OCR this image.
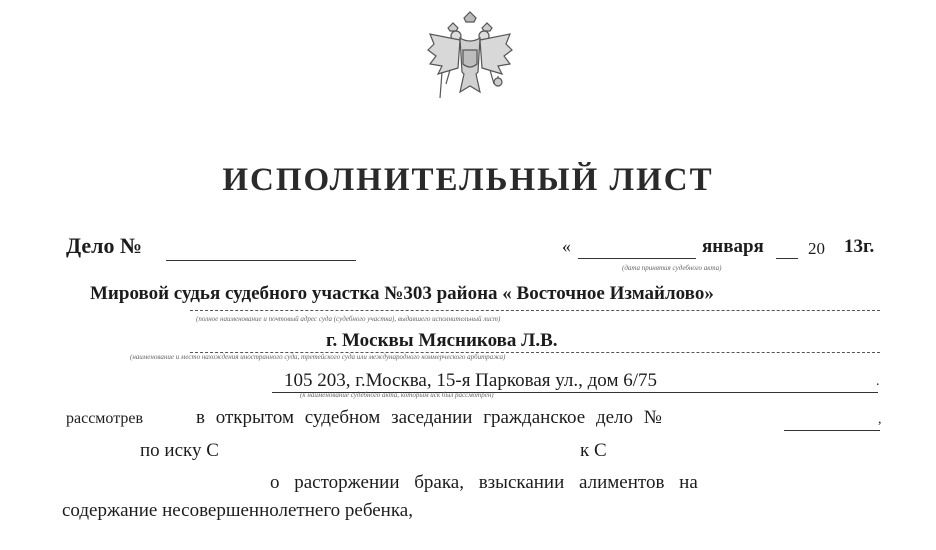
ИСПОЛНИТЕЛЬНЫЙ ЛИСТ
Дело №	«	января	20 13г.
(дата принятия судебного акта)
Мировой судья судебного участка №303 района « Восточное Измайлово»
(полное наименование и почтовый адрес суда (судебного участка), выдавшего исполнительный лист)
г. Москвы Мясникова Л.В.
(наименование и место нахождения иностранного суда, третейского суда или международного коммерческого арбитража)
105 203, г.Москва, 15-я Парковая ул., дом 6/75
(к наименование судебного акта, которым иск был рассмотрен)
.
рассмотрев	в открытом судебном заседании гражданское дело №	,
по иску С	к С
о расторжении брака, взыскании алиментов на
содержание несовершеннолетнего ребенка,
